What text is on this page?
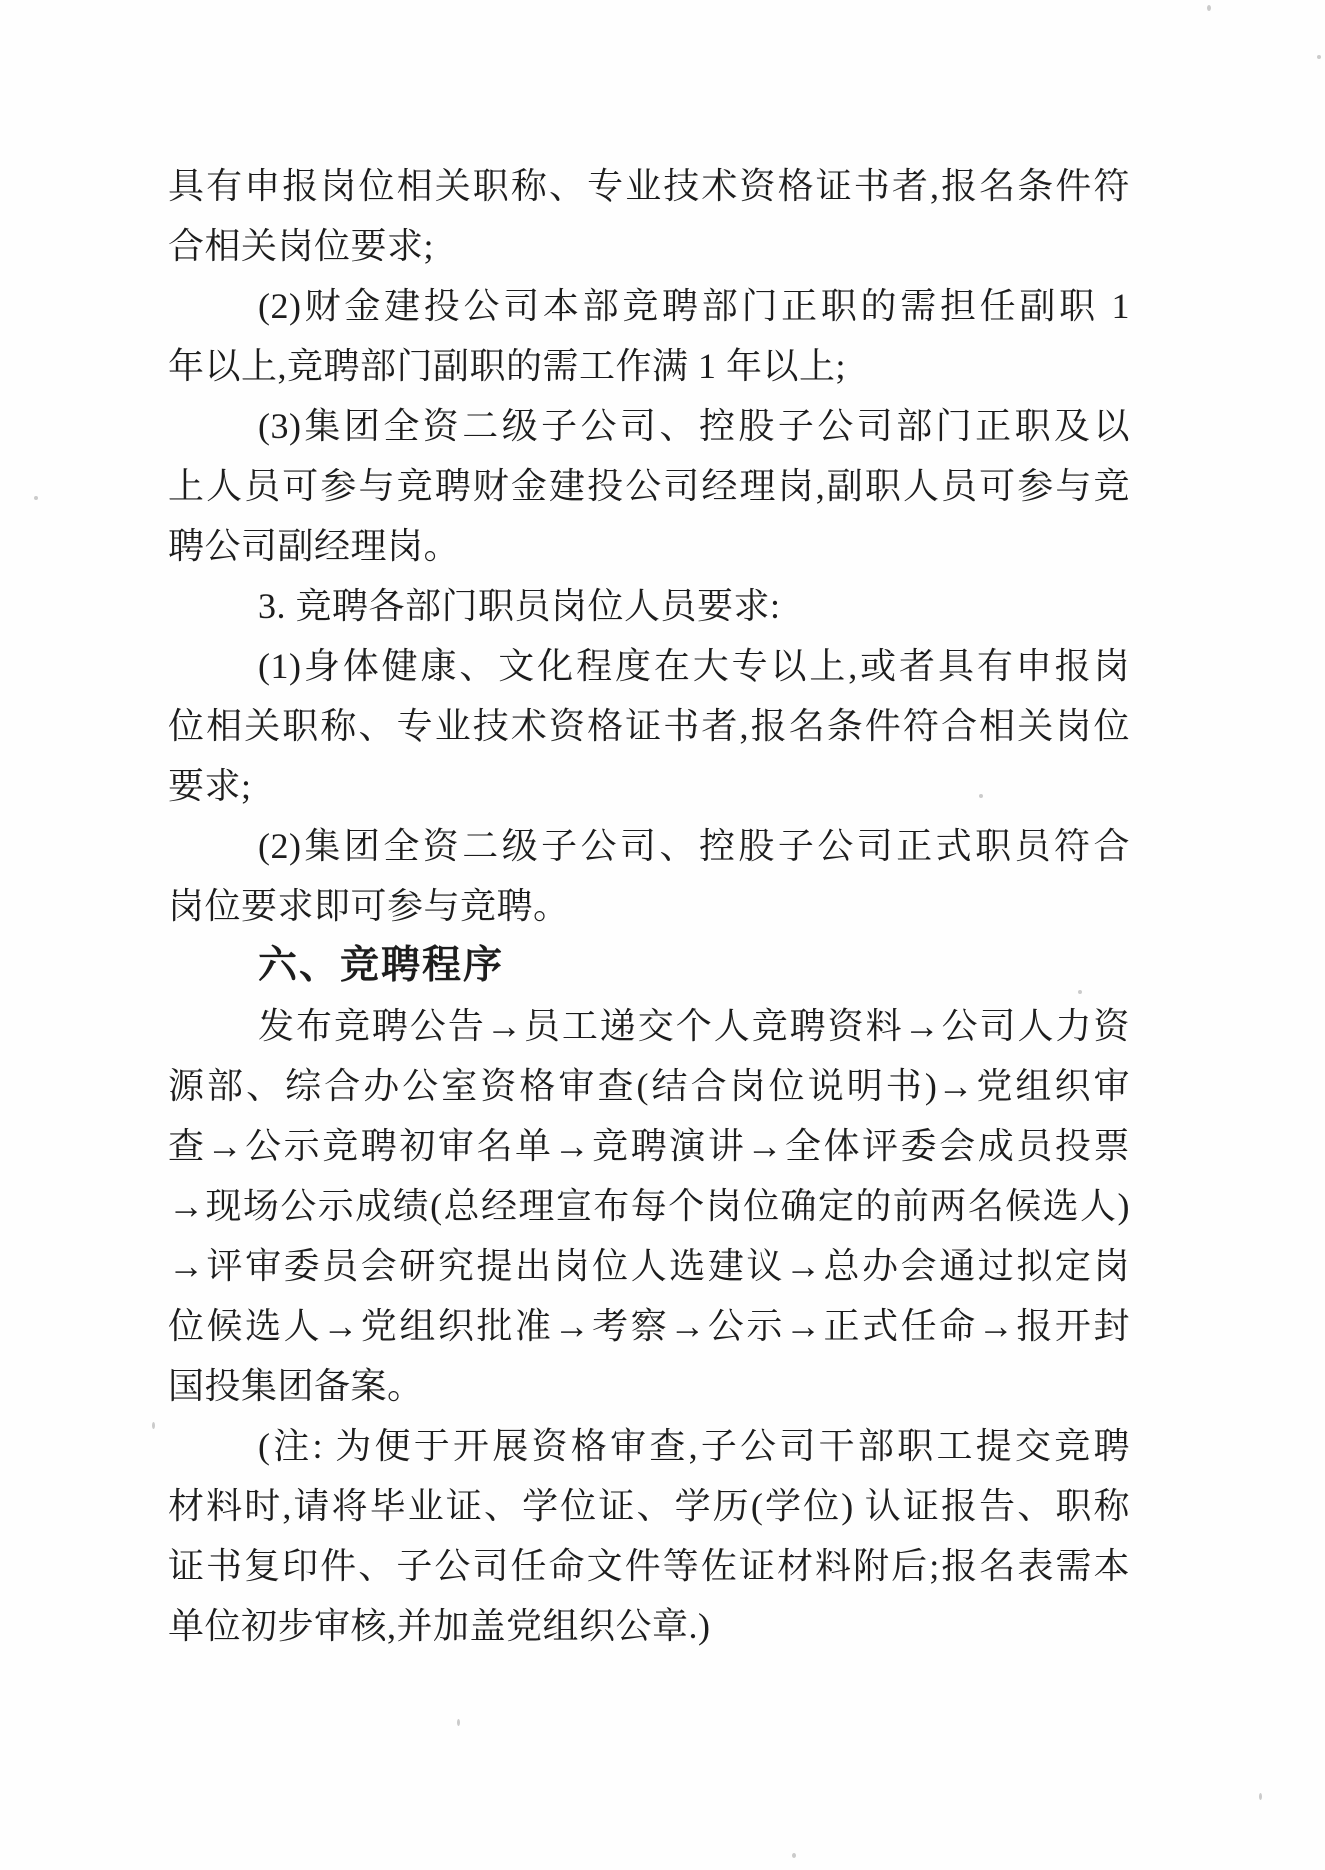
具有申报岗位相关职称、专业技术资格证书者,报名条件符
合相关岗位要求;
(2)财金建投公司本部竞聘部门正职的需担任副职 1
年以上,竞聘部门副职的需工作满 1 年以上;
(3)集团全资二级子公司、控股子公司部门正职及以
上人员可参与竞聘财金建投公司经理岗,副职人员可参与竞
聘公司副经理岗。
3. 竞聘各部门职员岗位人员要求:
(1)身体健康、文化程度在大专以上,或者具有申报岗
位相关职称、专业技术资格证书者,报名条件符合相关岗位
要求;
(2)集团全资二级子公司、控股子公司正式职员符合
岗位要求即可参与竞聘。
六、竞聘程序
发布竞聘公告→员工递交个人竞聘资料→公司人力资
源部、综合办公室资格审查(结合岗位说明书)→党组织审
查→公示竞聘初审名单→竞聘演讲→全体评委会成员投票
→现场公示成绩(总经理宣布每个岗位确定的前两名候选人)
→评审委员会研究提出岗位人选建议→总办会通过拟定岗
位候选人→党组织批准→考察→公示→正式任命→报开封
国投集团备案。
(注: 为便于开展资格审查,子公司干部职工提交竞聘
材料时,请将毕业证、学位证、学历(学位) 认证报告、职称
证书复印件、子公司任命文件等佐证材料附后;报名表需本
单位初步审核,并加盖党组织公章.)
